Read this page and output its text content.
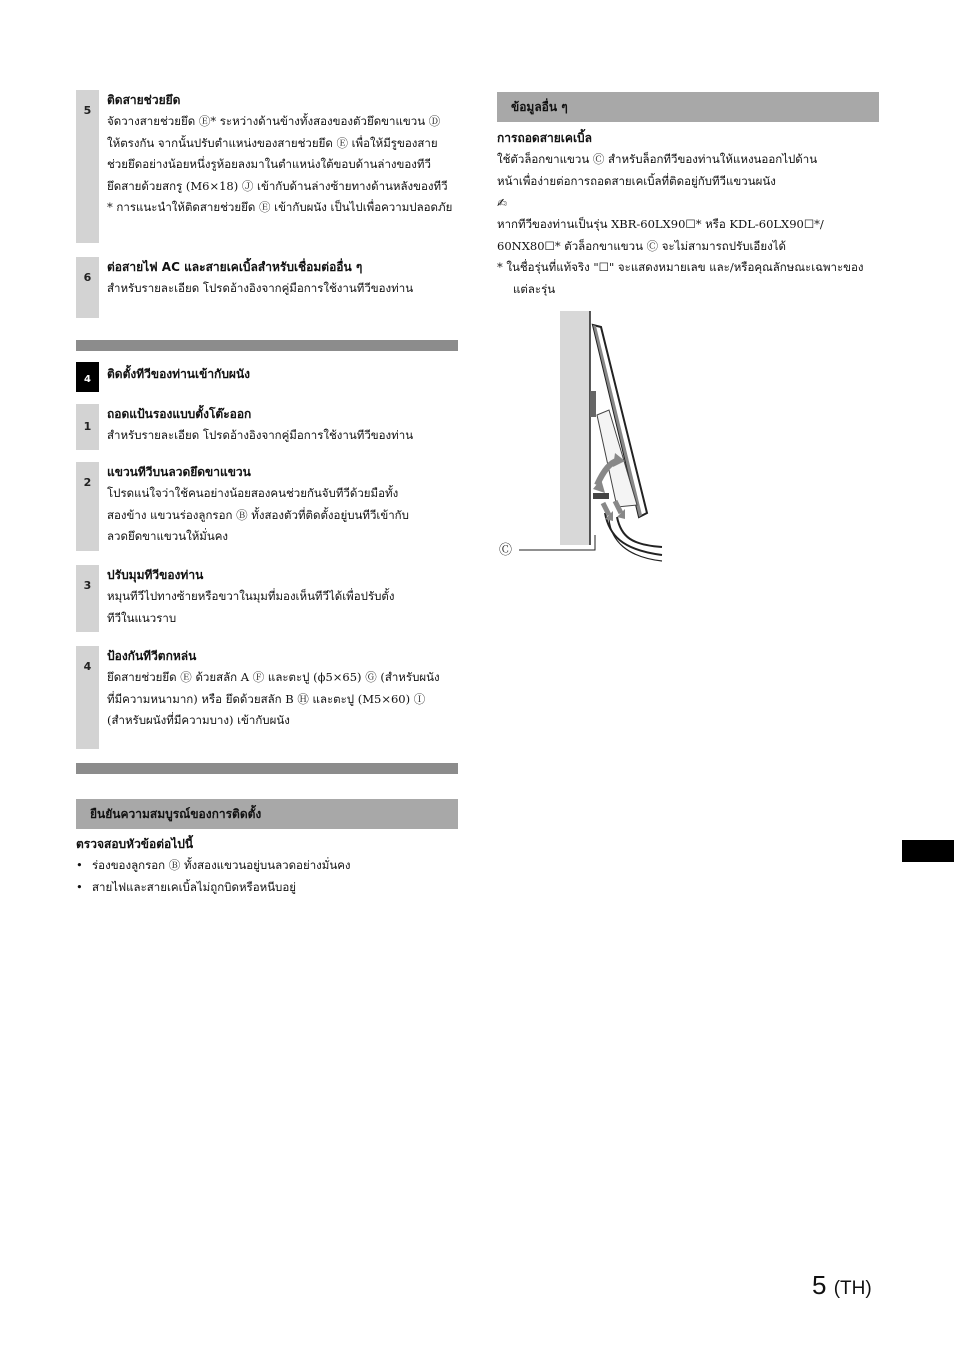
5
ติดสายช่วยยึด
จัดวางสายช่วยยึด Ⓔ* ระหว่างด้านข้างทั้งสองของตัวยึดขาแขวน Ⓓ
ให้ตรงกัน จากนั้นปรับตำแหน่งของสายช่วยยึด Ⓔ เพื่อให้มีรูของสาย
ช่วยยึดอย่างน้อยหนึ่งรูห้อยลงมาในตำแหน่งใต้ขอบด้านล่างของทีวี
ยึดสายด้วยสกรู (M6×18) Ⓙ เข้ากับด้านล่างซ้ายทางด้านหลังของทีวี
* การแนะนำให้ติดสายช่วยยึด Ⓔ เข้ากับผนัง เป็นไปเพื่อความปลอดภัย
6
ต่อสายไฟ AC และสายเคเบิ้ลสำหรับเชื่อมต่ออื่น ๆ
สำหรับรายละเอียด โปรดอ้างอิงจากคู่มือการใช้งานทีวีของท่าน
4	ติดตั้งทีวีของท่านเข้ากับผนัง
1
ถอดแป้นรองแบบตั้งโต๊ะออก
สำหรับรายละเอียด โปรดอ้างอิงจากคู่มือการใช้งานทีวีของท่าน
2
แขวนทีวีบนลวดยึดขาแขวน
โปรดแน่ใจว่าใช้คนอย่างน้อยสองคนช่วยกันจับทีวีด้วยมือทั้ง
สองข้าง แขวนร่องลูกรอก Ⓑ ทั้งสองตัวที่ติดตั้งอยู่บนทีวีเข้ากับ
ลวดยึดขาแขวนให้มั่นคง
3
ปรับมุมทีวีของท่าน
หมุนทีวีไปทางซ้ายหรือขวาในมุมที่มองเห็นทีวีได้เพื่อปรับตั้ง
ทีวีในแนวราบ
4
ป้องกันทีวีตกหล่น
ยึดสายช่วยยึด Ⓔ ด้วยสลัก A Ⓕ และตะปู (ϕ5×65) Ⓖ (สำหรับผนัง
ที่มีความหนามาก) หรือ ยึดด้วยสลัก B Ⓗ และตะปู (M5×60) Ⓘ
(สำหรับผนังที่มีความบาง) เข้ากับผนัง
ยืนยันความสมบูรณ์ของการติดตั้ง
ตรวจสอบหัวข้อต่อไปนี้
• ร่องของลูกรอก Ⓑ ทั้งสองแขวนอยู่บนลวดอย่างมั่นคง
• สายไฟและสายเคเบิ้ลไม่ถูกบิดหรือหนีบอยู่
ข้อมูลอื่น ๆ
การถอดสายเคเบิ้ล
ใช้ตัวล็อกขาแขวน Ⓒ สำหรับล็อกทีวีของท่านให้แหงนออกไปด้าน
หน้าเพื่อง่ายต่อการถอดสายเคเบิ้ลที่ติดอยู่กับทีวีแขวนผนัง
✍
หากทีวีของท่านเป็นรุ่น XBR-60LX90☐* หรือ KDL-60LX90☐*/
60NX80☐* ตัวล็อกขาแขวน Ⓒ จะไม่สามารถปรับเอียงได้
* ในชื่อรุ่นที่แท้จริง "☐" จะแสดงหมายเลข และ/หรือคุณลักษณะเฉพาะของแต่ละรุ่น
Ⓒ
5 (TH)
